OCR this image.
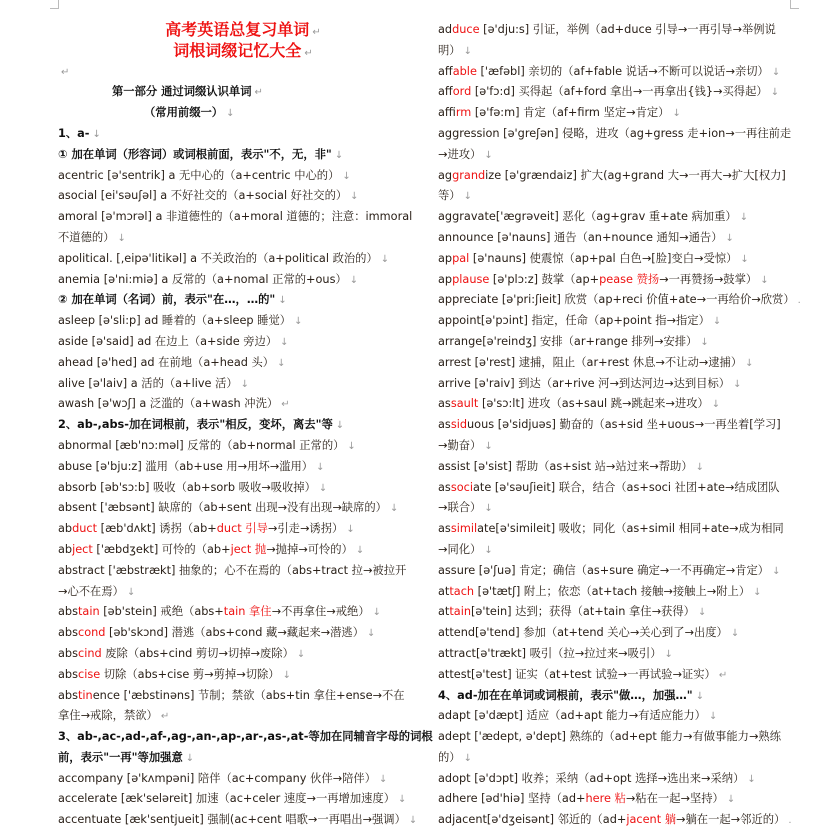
高考英语总复习单词 ↵
词根词缀记忆大全 ↵
↵
第一部分 通过词缀认识单词 ↵
（常用前缀一） ↓
1、a- ↓
① 加在单词（形容词）或词根前面，表示"不，无，非" ↓
acentric [ə'sentrik] a 无中心的（a+centric 中心的） ↓
asocial [ei'səuʃəl] a 不好社交的（a+social 好社交的） ↓
amoral [ə'mɔrəl] a 非道德性的（a+moral 道德的；注意：immoral
不道德的） ↓
apolitical. [,eipə'litikəl] a 不关政治的（a+political 政治的） ↓
anemia [ə'ni:miə] a 反常的（a+nomal 正常的+ous） ↓
② 加在单词（名词）前，表示"在…，…的" ↓
asleep [ə'sli:p] ad 睡着的（a+sleep 睡觉） ↓
aside [ə'said] ad 在边上（a+side 旁边） ↓
ahead [ə'hed] ad 在前地（a+head 头） ↓
alive [ə'laiv] a 活的（a+live 活） ↓
awash [ə'wɔʃ] a 泛滥的（a+wash 冲洗） ↵
2、ab-,abs-加在词根前，表示"相反，变坏，离去"等 ↓
abnormal [æb'nɔ:məl] 反常的（ab+normal 正常的） ↓
abuse [ə'bju:z] 滥用（ab+use 用→用坏→滥用） ↓
absorb [əb'sɔ:b] 吸收（ab+sorb 吸收→吸收掉） ↓
absent ['æbsənt] 缺席的（ab+sent 出现→没有出现→缺席的） ↓
abduct [æb'dʌkt] 诱拐（ab+duct 引导→引走→诱拐） ↓
abject ['æbdʒekt] 可怜的（ab+ject 抛→抛掉→可怜的） ↓
abstract ['æbstrækt] 抽象的；心不在焉的（abs+tract 拉→被拉开
→心不在焉） ↓
abstain [əb'stein] 戒绝（abs+tain 拿住→不再拿住→戒绝） ↓
abscond [əb'skɔnd] 潜逃（abs+cond 藏→藏起来→潜逃） ↓
abscind 废除（abs+cind 剪切→切掉→废除） ↓
abscise 切除（abs+cise 剪→剪掉→切除） ↓
abstinence ['æbstinəns] 节制；禁欲（abs+tin 拿住+ense→不在
拿住→戒除，禁欲） ↵
3、ab-,ac-,ad-,af-,ag-,an-,ap-,ar-,as-,at-等加在同辅音字母的词根
前，表示"一再"等加强意 ↓
accompany [ə'kʌmpəni] 陪伴（ac+company 伙伴→陪伴） ↓
accelerate [æk'seləreit] 加速（ac+celer 速度→一再增加速度） ↓
accentuate [æk'sentjueit] 强制(ac+cent 唱歌→一再唱出→强调） ↓
adduce [ə'dju:s] 引证，举例（ad+duce 引导→一再引导→举例说
明） ↓
affable ['æfəbl] 亲切的（af+fable 说话→不断可以说话→亲切） ↓
afford [ə'fɔ:d] 买得起（af+ford 拿出→一再拿出{钱}→买得起） ↓
affirm [ə'fə:m] 肯定（af+firm 坚定→肯定） ↓
aggression [ə'greʃən] 侵略，进攻（ag+gress 走+ion→一再往前走
→进攻） ↓
aggrandize [ə'grændaiz] 扩大(ag+grand 大→一再大→扩大[权力]
等） ↓
aggravate['ægrəveit] 恶化（ag+grav 重+ate 病加重） ↓
announce [ə'nauns] 通告（an+nounce 通知→通告） ↓
appal [ə'nauns] 使震惊（ap+pal 白色→[脸]变白→受惊） ↓
applause [ə'plɔ:z] 鼓掌（ap+pease 赞扬→一再赞扬→鼓掌） ↓
appreciate [ə'pri:ʃieit] 欣赏（ap+reci 价值+ate→一再给价→欣赏） .
appoint[ə'pɔint] 指定，任命（ap+point 指→指定） ↓
arrange[ə'reindʒ] 安排（ar+range 排列→安排） ↓
arrest [ə'rest] 逮捕，阻止（ar+rest 休息→不让动→逮捕） ↓
arrive [ə'raiv] 到达（ar+rive 河→到达河边→达到目标） ↓
assault [ə'sɔ:lt] 进攻（as+saul 跳→跳起来→进攻） ↓
assiduous [ə'sidjuəs] 勤奋的（as+sid 坐+uous→一再坐着[学习]
→勤奋） ↓
assist [ə'sist] 帮助（as+sist 站→站过来→帮助） ↓
associate [ə'səuʃieit] 联合，结合（as+soci 社团+ate→结成团队
→联合） ↓
assimilate[ə'simileit] 吸收；同化（as+simil 相同+ate→成为相同
→同化） ↓
assure [ə'ʃuə] 肯定；确信（as+sure 确定→一不再确定→肯定） ↓
attach [ə'tætʃ] 附上；依恋（at+tach 接触→接触上→附上） ↓
attain[ə'tein] 达到；获得（at+tain 拿住→获得） ↓
attend[ə'tend] 参加（at+tend 关心→关心到了→出度） ↓
attract[ə'trækt] 吸引（拉→拉过来→吸引） ↓
attest[ə'test] 证实（at+test 试验→一再试验→证实） ↵
4、ad-加在在单词或词根前，表示"做…，加强…" ↓
adapt [ə'dæpt] 适应（ad+apt 能力→有适应能力） ↓
adept ['ædept, ə'dept] 熟练的（ad+ept 能力→有做事能力→熟练
的） ↓
adopt [ə'dɔpt] 收养；采纳（ad+opt 选择→选出来→采纳） ↓
adhere [əd'hiə] 坚持（ad+here 粘→粘在一起→坚持） ↓
adjacent[ə'dʒeisənt] 邻近的（ad+jacent 躺→躺在一起→邻近的） .
